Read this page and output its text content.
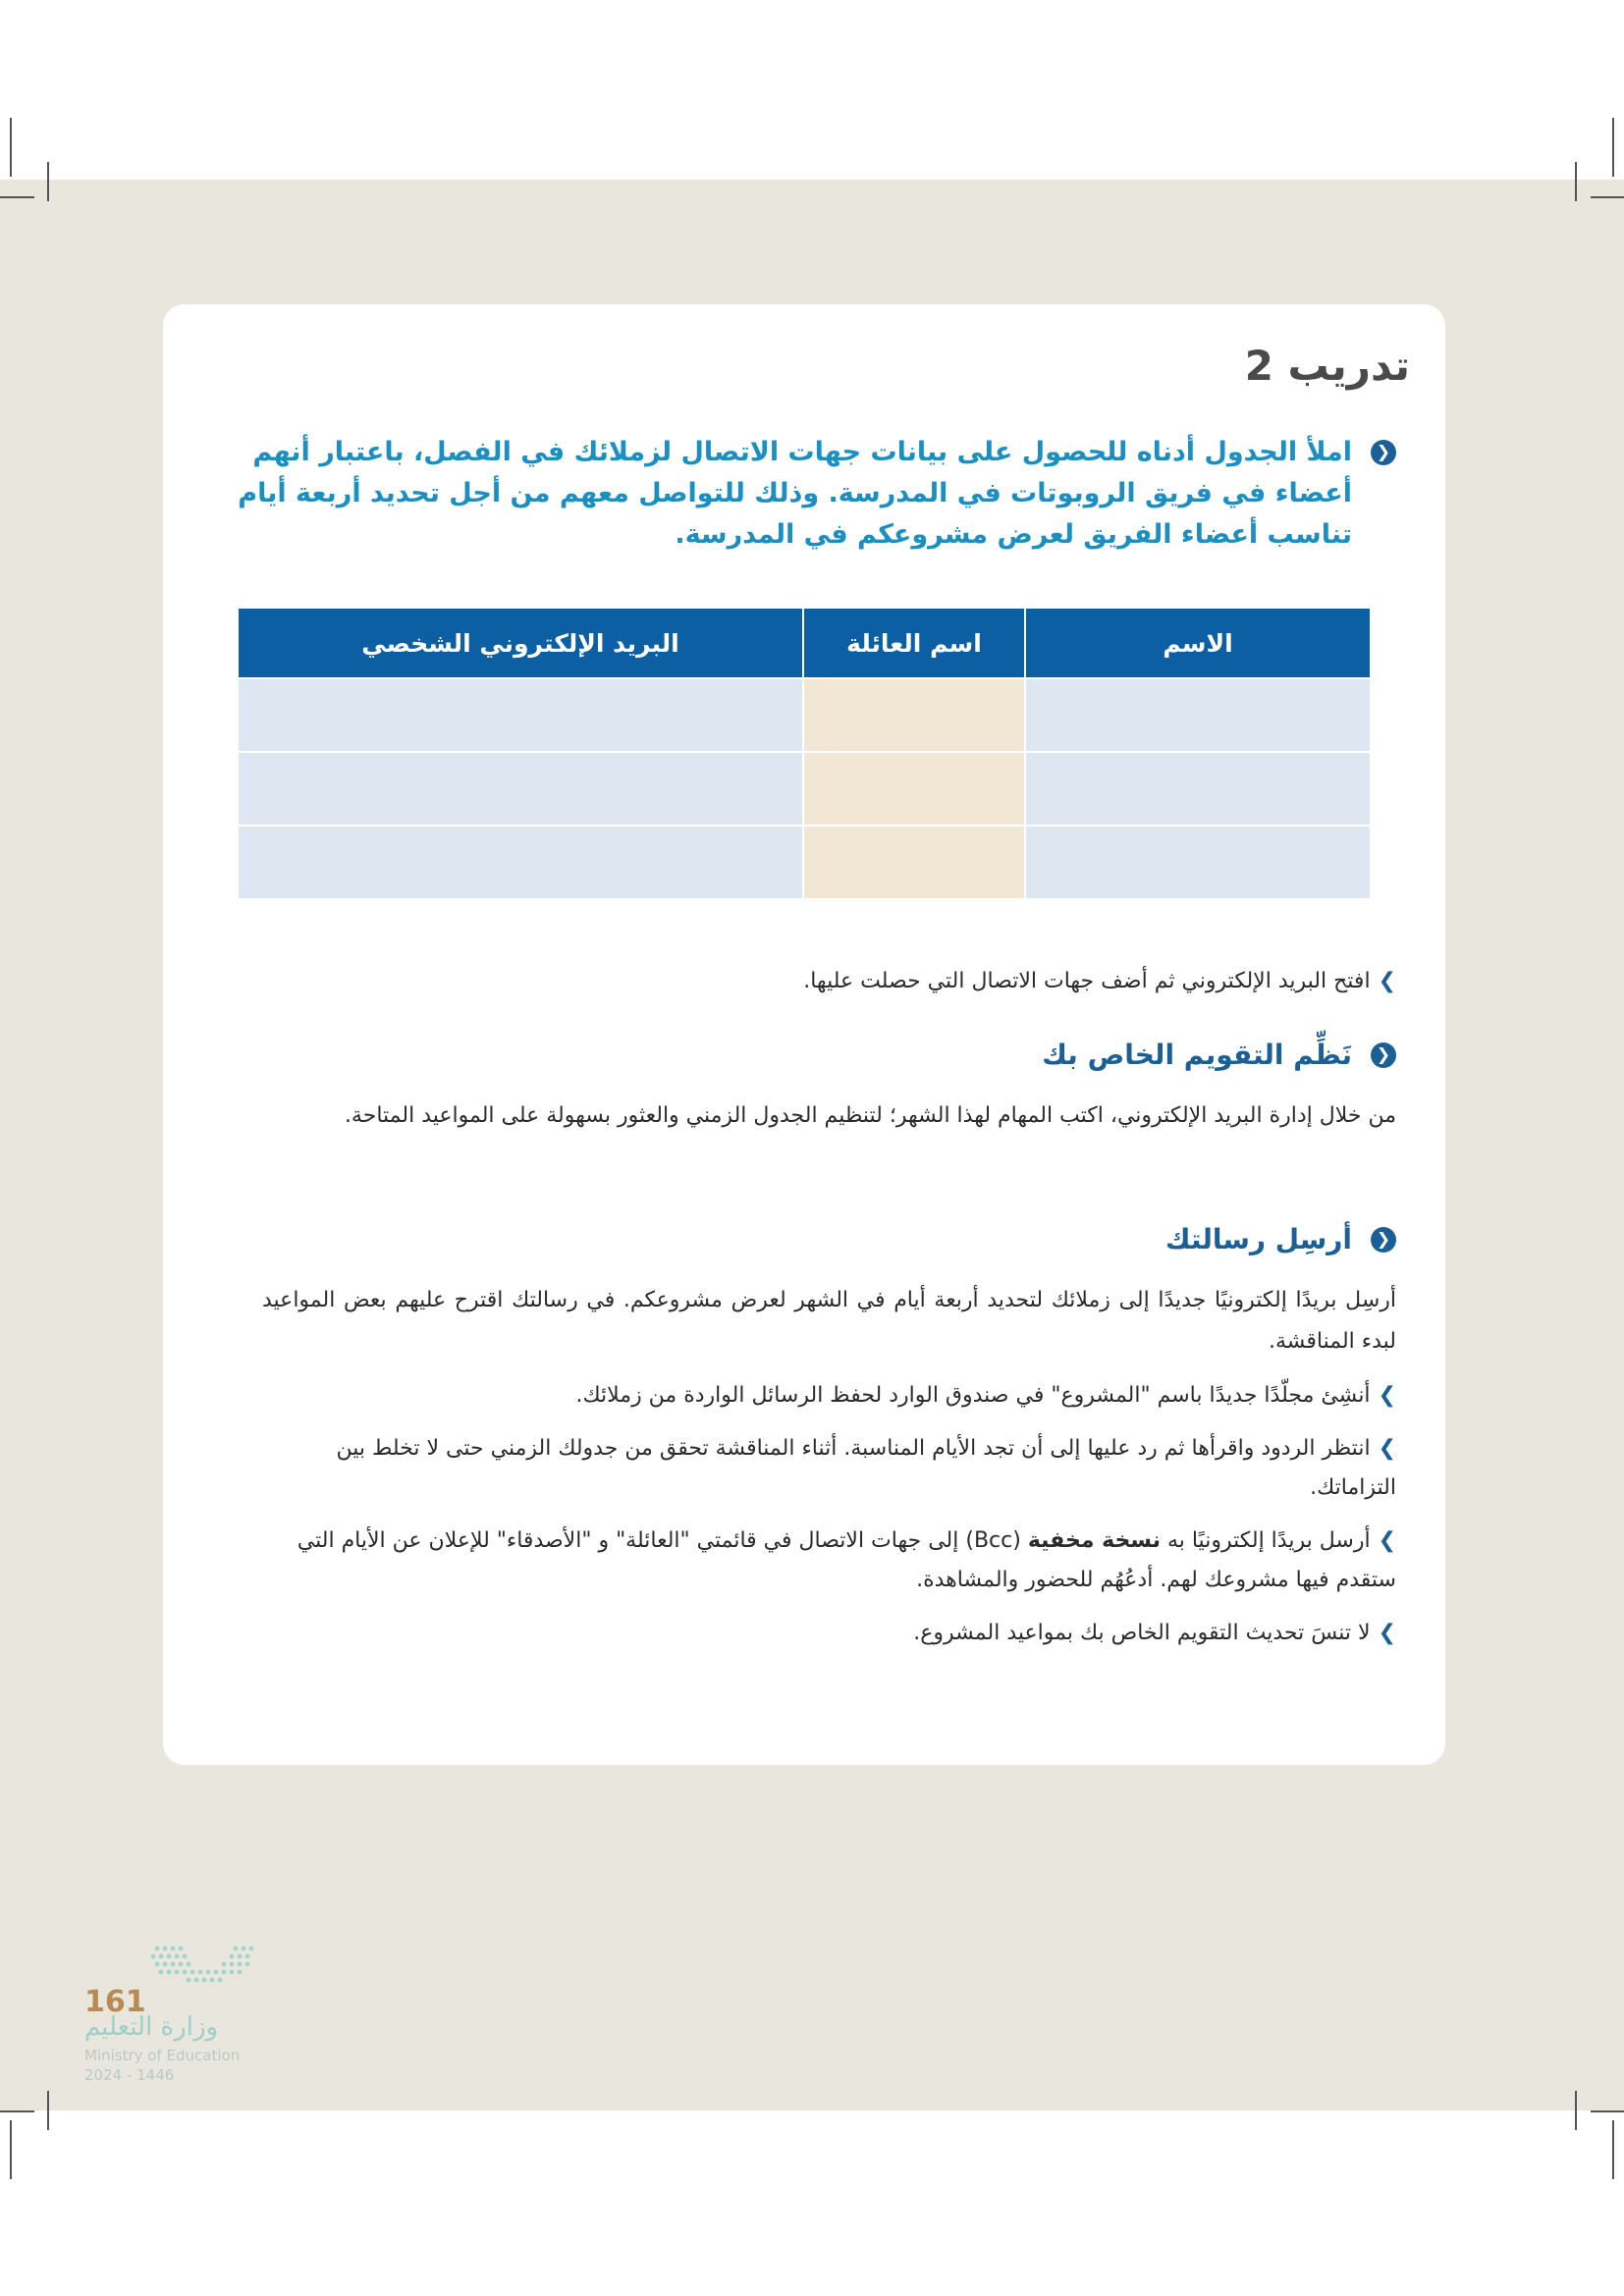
تدريب 2
❮
املأ الجدول أدناه للحصول على بيانات جهات الاتصال لزملائك في الفصل، باعتبار أنهم أعضاء في فريق الروبوتات في المدرسة. وذلك للتواصل معهم من أجل تحديد أربعة أيام تناسب أعضاء الفريق لعرض مشروعكم في المدرسة.
الاسم	اسم العائلة	البريد الإلكتروني الشخصي

❯افتح البريد الإلكتروني ثم أضف جهات الاتصال التي حصلت عليها.
❮
نَظِّم التقويم الخاص بك
من خلال إدارة البريد الإلكتروني، اكتب المهام لهذا الشهر؛ لتنظيم الجدول الزمني والعثور بسهولة على المواعيد المتاحة.
❮
أرسِل رسالتك
أرسِل بريدًا إلكترونيًا جديدًا إلى زملائك لتحديد أربعة أيام في الشهر لعرض مشروعكم. في رسالتك اقترح عليهم بعض المواعيد لبدء المناقشة.
❯أنشِئ مجلّدًا جديدًا باسم "المشروع" في صندوق الوارد لحفظ الرسائل الواردة من زملائك.
❯انتظر الردود واقرأها ثم رد عليها إلى أن تجد الأيام المناسبة. أثناء المناقشة تحقق من جدولك الزمني حتى لا تخلط بين التزاماتك.
❯أرسل بريدًا إلكترونيًا به نسخة مخفية (Bcc) إلى جهات الاتصال في قائمتي "العائلة" و "الأصدقاء" للإعلان عن الأيام التي ستقدم فيها مشروعك لهم. أدعُهُم للحضور والمشاهدة.
❯لا تنسَ تحديث التقويم الخاص بك بمواعيد المشروع.
161
وزارة التعليم
Ministry of Education
2024 - 1446
